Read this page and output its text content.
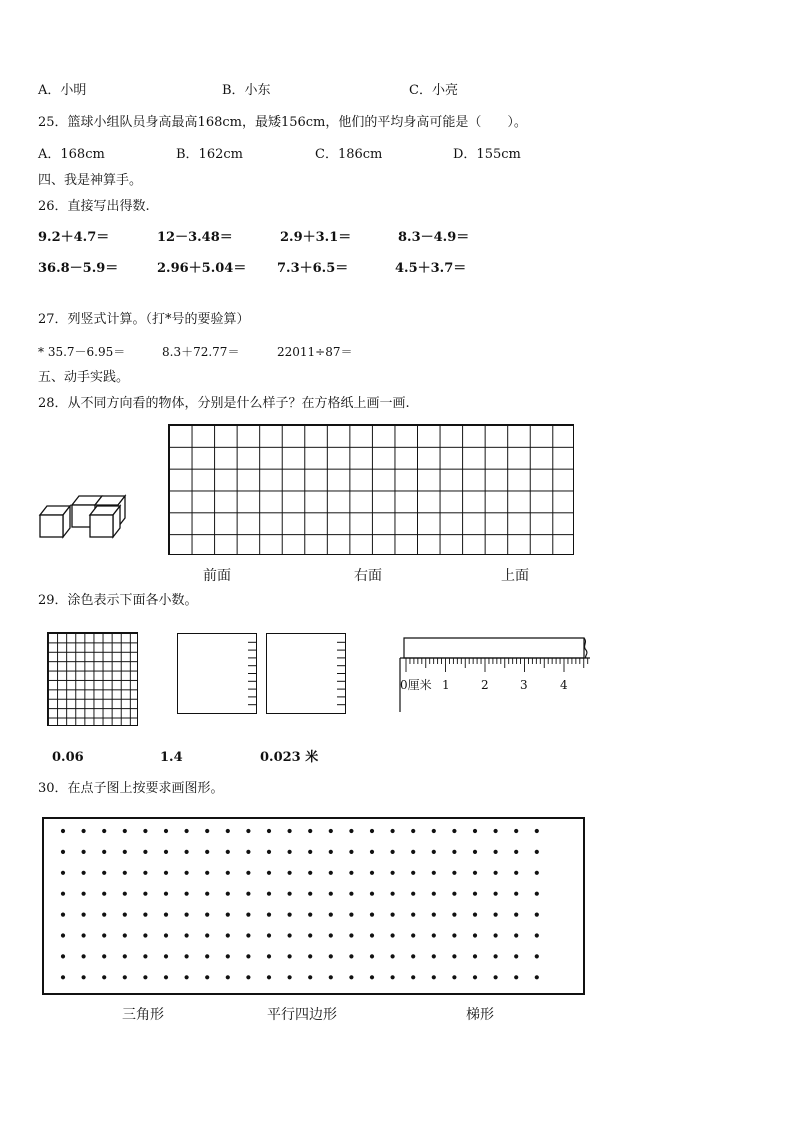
A．小明	B．小东	C．小亮
25．篮球小组队员身高最高168cm，最矮156cm，他们的平均身高可能是（　　）。
A．168cm	B．162cm	C．186cm	D．155cm
四、我是神算手。
26．直接写出得数.
9.2＋4.7＝	12－3.48＝	2.9＋3.1＝	8.3－4.9＝
36.8－5.9＝	2.96＋5.04＝ 7.3＋6.5＝	4.5＋3.7＝
27．列竖式计算。（打*号的要验算）
* 35.7－6.95＝	8.3＋72.77＝	22011÷87＝
五、动手实践。
28．从不同方向看的物体，分别是什么样子？在方格纸上画一画.
前面	右面	上面
29．涂色表示下面各小数。
0厘米 1	2	3	4
0.06	1.4	0.023 米
30．在点子图上按要求画图形。
三角形	平行四边形	梯形
